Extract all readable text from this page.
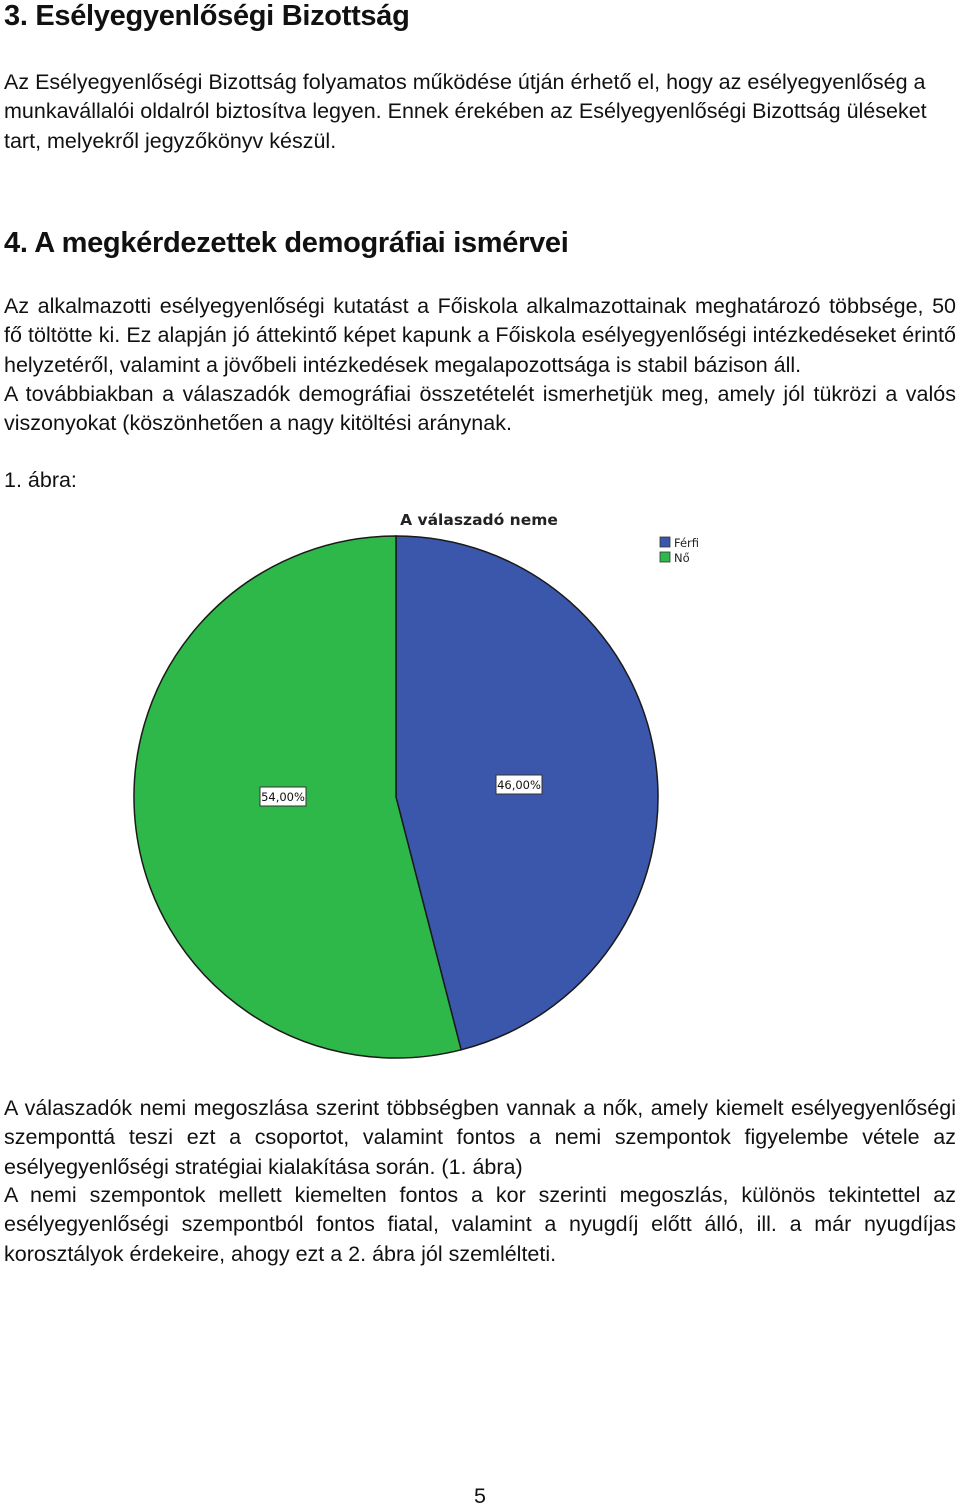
3. Esélyegyenlőségi Bizottság

Az Esélyegyenlőségi Bizottság folyamatos működése útján érhető el, hogy az esélyegyenlőség a munkavállalói oldalról biztosítva legyen. Ennek érekében az Esélyegyenlőségi Bizottság üléseket tart, melyekről jegyzőkönyv készül.

4. A megkérdezettek demográfiai ismérvei

Az alkalmazotti esélyegyenlőségi kutatást a Főiskola alkalmazottainak meghatározó többsége, 50 fő töltötte ki. Ez alapján jó áttekintő képet kapunk a Főiskola esélyegyenlőségi intézkedéseket érintő helyzetéről, valamint a jövőbeli intézkedések megalapozottsága is stabil bázison áll.

A továbbiakban a válaszadók demográfiai összetételét ismerhetjük meg, amely jól tükrözi a valós viszonyokat (köszönhetően a nagy kitöltési aránynak.

1. ábra:
A válaszadó neme
46,00%
54,00%
Férfi
Nő

A válaszadók nemi megoszlása szerint többségben vannak a nők, amely kiemelt esélyegyenlőségi szemponttá teszi ezt a csoportot, valamint fontos a nemi szempontok figyelembe vétele az esélyegyenlőségi stratégiai kialakítása során. (1. ábra)

A nemi szempontok mellett kiemelten fontos a kor szerinti megoszlás, különös tekintettel az esélyegyenlőségi szempontból fontos fiatal, valamint a nyugdíj előtt álló, ill. a már nyugdíjas korosztályok érdekeire, ahogy ezt a 2. ábra jól szemlélteti.

5
